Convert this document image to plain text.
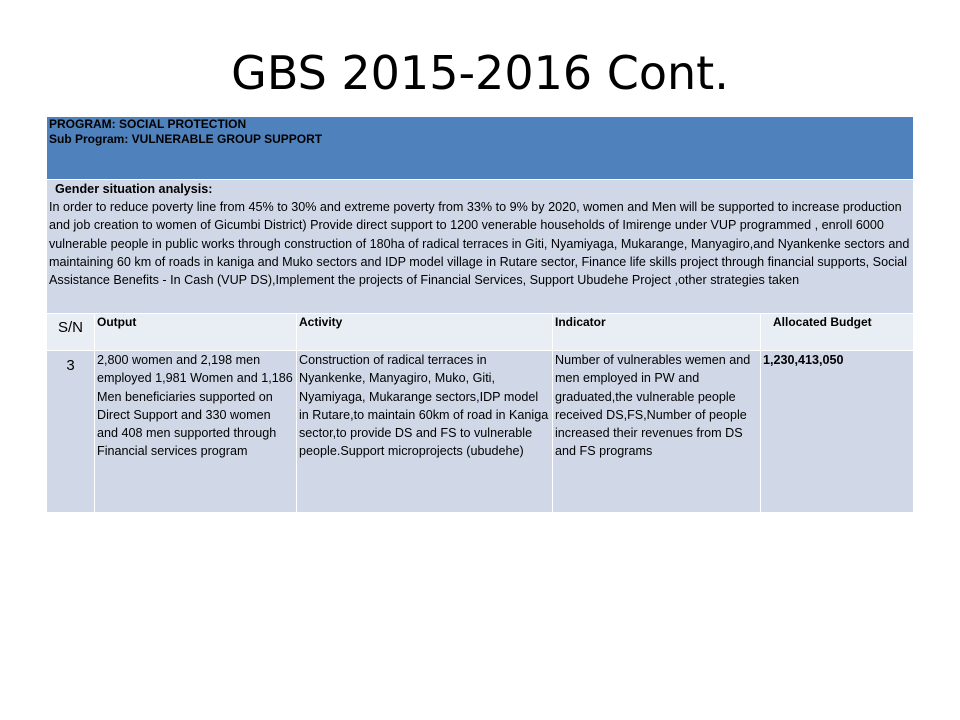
GBS 2015-2016 Cont.
PROGRAM: SOCIAL PROTECTION
Sub Program: VULNERABLE GROUP SUPPORT				

Gender situation analysis:
In order to reduce poverty line from 45% to 30% and extreme poverty from 33% to 9% by 2020, women and Men will be supported to increase production and job creation to women of Gicumbi District) Provide direct support to 1200 venerable households of Imirenge under VUP programmed , enroll 6000 vulnerable people in public works through construction of 180ha of radical terraces in Giti, Nyamiyaga, Mukarange, Manyagiro,and Nyankenke sectors and maintaining 60 km of roads in kaniga and Muko sectors and IDP model village in Rutare sector, Finance life skills project through financial supports, Social Assistance Benefits - In Cash (VUP DS),Implement the projects of Financial Services, Support Ubudehe Project ,other strategies taken				

S/N	Output	Activity	Indicator	Allocated Budget
3	2,800 women and 2,198 men employed 1,981 Women and 1,186 Men beneficiaries supported on Direct Support and 330 women and 408 men supported through Financial services program	Construction of radical terraces in Nyankenke, Manyagiro, Muko, Giti, Nyamiyaga, Mukarange sectors,IDP model in Rutare,to maintain 60km of road in Kaniga sector,to provide DS and FS to vulnerable people.Support microprojects (ubudehe)	Number of vulnerables wemen and men employed in PW and graduated,the vulnerable people received DS,FS,Number of people increased their revenues from DS and FS programs	1,230,413,050
